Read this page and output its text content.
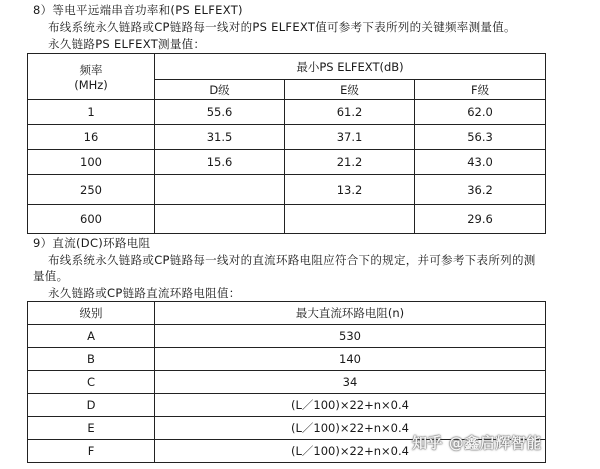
8）等电平远端串音功率和(PS ELFEXT)
布线系统永久链路或CP链路每一线对的PS ELFEXT值可参考下表所列的关键频率测量值。
永久链路PS ELFEXT测量值：
频率
(MHz)	最小PS ELFEXT(dB)		
	D级	E级	F级
1	55.6	61.2	62.0
16	31.5	37.1	56.3
100	15.6	21.2	43.0
250		13.2	36.2
600			29.6
9）直流(DC)环路电阻
布线系统永久链路或CP链路每一线对的直流环路电阻应符合下的规定，并可参考下表所列的测
量值。
永久链路或CP链路直流环路电阻值：
级别	最大直流环路电阻(n)
A	530
B	140
C	34
D	(L／100)×22+n×0.4
E	(L／100)×22+n×0.4
F	(L／100)×22+n×0.4 知乎 @鑫启辉智能
